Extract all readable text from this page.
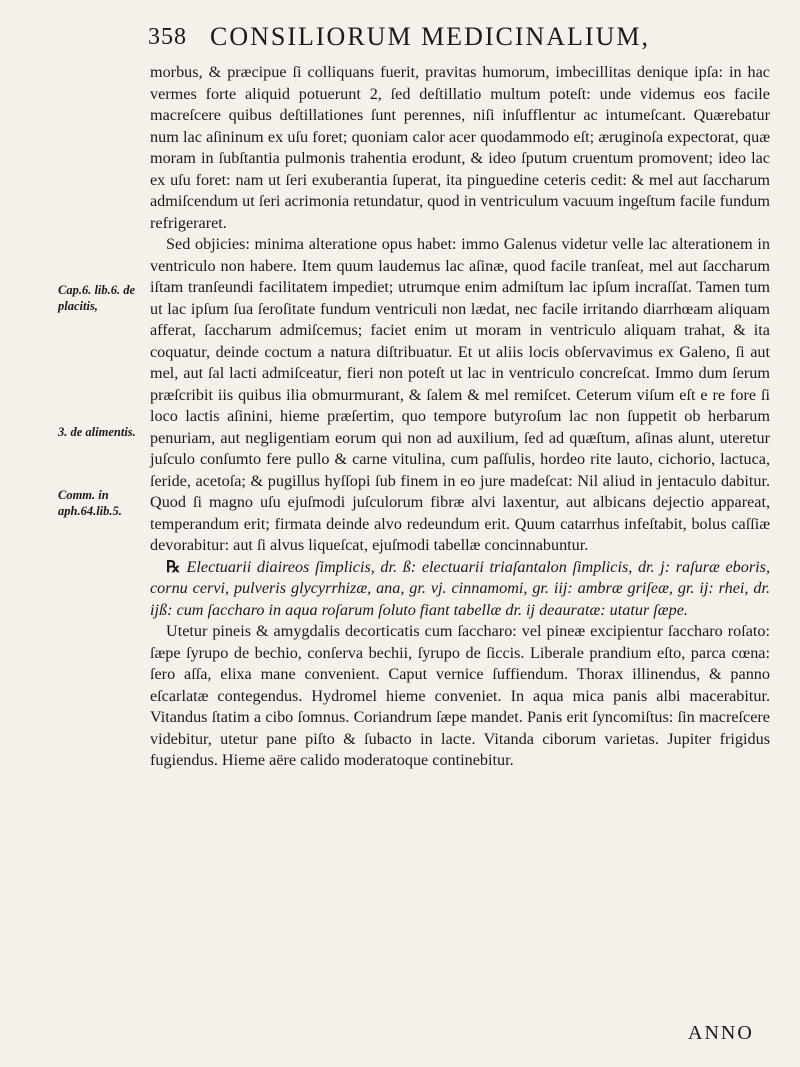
358 CONSILIORUM MEDICINALIUM,
Cap.6. lib.6. de placitis,
3. de alimentis.
Comm. in aph.64.lib.5.

morbus, & præcipue ſi colliquans fuerit, pravitas humorum, imbecillitas denique ipſa: in hac vermes forte aliquid potuerunt 2, ſed deſtillatio multum poteſt: unde videmus eos facile macreſcere quibus deſtillationes ſunt perennes, niſi inſufflentur ac intumeſcant. Quærebatur num lac aſininum ex uſu foret; quoniam calor acer quodammodo eſt; æruginoſa expectorat, quæ moram in ſubſtantia pulmonis trahentia erodunt, & ideo ſputum cruentum promovent; ideo lac ex uſu foret: nam ut ſeri exuberantia ſuperat, ita pinguedine ceteris cedit: & mel aut ſaccharum admiſcendum ut ſeri acrimonia retundatur, quod in ventriculum vacuum ingeſtum facile fundum refrigeraret.

Sed objicies: minima alteratione opus habet: immo Galenus videtur velle lac alterationem in ventriculo non habere. Item quum laudemus lac aſinæ, quod facile tranſeat, mel aut ſaccharum iſtam tranſeundi facilitatem impediet; utrumque enim admiſtum lac ipſum incraſſat. Tamen tum ut lac ipſum ſua ſeroſitate fundum ventriculi non lædat, nec facile irritando diarrhœam aliquam afferat, ſaccharum admiſcemus; faciet enim ut moram in ventriculo aliquam trahat, & ita coquatur, deinde coctum a natura diſtribuatur. Et ut aliis locis obſervavimus ex Galeno, ſi aut mel, aut ſal lacti admiſceatur, fieri non poteſt ut lac in ventriculo concreſcat. Immo dum ſerum præſcribit iis quibus ilia obmurmurant, & ſalem & mel remiſcet. Ceterum viſum eſt e re fore ſi loco lactis aſinini, hieme præſertim, quo tempore butyroſum lac non ſuppetit ob herbarum penuriam, aut negligentiam eorum qui non ad auxilium, ſed ad quæſtum, aſinas alunt, uteretur juſculo conſumto fere pullo & carne vitulina, cum paſſulis, hordeo rite lauto, cichorio, lactuca, ſeride, acetoſa; & pugillus hyſſopi ſub finem in eo jure madeſcat: Nil aliud in jentaculo dabitur. Quod ſi magno uſu ejuſmodi juſculorum fibræ alvi laxentur, aut albicans dejectio appareat, temperandum erit; firmata deinde alvo redeundum erit. Quum catarrhus infeſtabit, bolus caſſiæ devorabitur: aut ſi alvus liqueſcat, ejuſmodi tabellæ concinnabuntur.

℞ Electuarii diaireos ſimplicis, dr. ß: electuarii triaſantalon ſimplicis, dr. j: raſuræ eboris, cornu cervi, pulveris glycyrrhizæ, ana, gr. vj. cinnamomi, gr. iij: ambræ griſeæ, gr. ij: rhei, dr. ijß: cum ſaccharo in aqua roſarum ſoluto fiant tabellæ dr. ij deauratæ: utatur ſæpe.

Utetur pineis & amygdalis decorticatis cum ſaccharo: vel pineæ excipientur ſaccharo roſato: ſæpe ſyrupo de bechio, conſerva bechii, ſyrupo de ſiccis. Liberale prandium eſto, parca cœna: ſero aſſa, elixa mane convenient. Caput vernice ſuffiendum. Thorax illinendus, & panno eſcarlatæ contegendus. Hydromel hieme conveniet. In aqua mica panis albi macerabitur. Vitandus ſtatim a cibo ſomnus. Coriandrum ſæpe mandet. Panis erit ſyncomiſtus: ſin macreſcere videbitur, utetur pane piſto & ſubacto in lacte. Vitanda ciborum varietas. Jupiter frigidus fugiendus. Hieme aëre calido moderatoque continebitur.

ANNO
